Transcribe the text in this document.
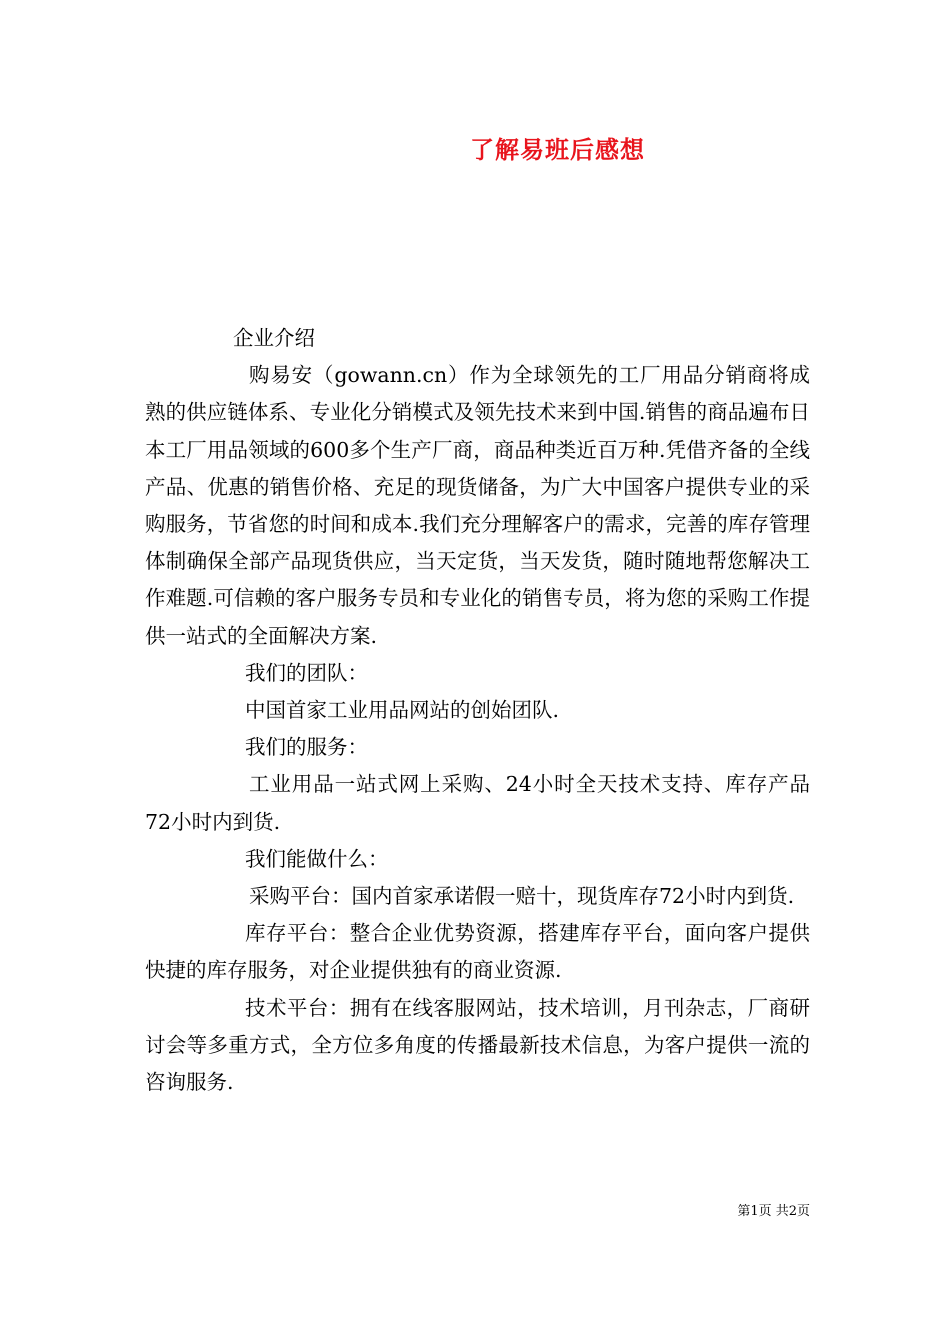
了解易班后感想

企业介绍

购易安（gowann.cn）作为全球领先的工厂用品分销商将成熟的供应链体系、专业化分销模式及领先技术来到中国.销售的商品遍布日本工厂用品领域的600多个生产厂商，商品种类近百万种.凭借齐备的全线产品、优惠的销售价格、充足的现货储备，为广大中国客户提供专业的采购服务，节省您的时间和成本.我们充分理解客户的需求，完善的库存管理体制确保全部产品现货供应，当天定货，当天发货，随时随地帮您解决工作难题.可信赖的客户服务专员和专业化的销售专员，将为您的采购工作提供一站式的全面解决方案.

我们的团队：

中国首家工业用品网站的创始团队.

我们的服务：

工业用品一站式网上采购、24小时全天技术支持、库存产品72小时内到货.

我们能做什么：

采购平台：国内首家承诺假一赔十，现货库存72小时内到货.

库存平台：整合企业优势资源，搭建库存平台，面向客户提供快捷的库存服务，对企业提供独有的商业资源.

技术平台：拥有在线客服网站，技术培训，月刊杂志，厂商研讨会等多重方式，全方位多角度的传播最新技术信息，为客户提供一流的咨询服务.

第1页 共2页
